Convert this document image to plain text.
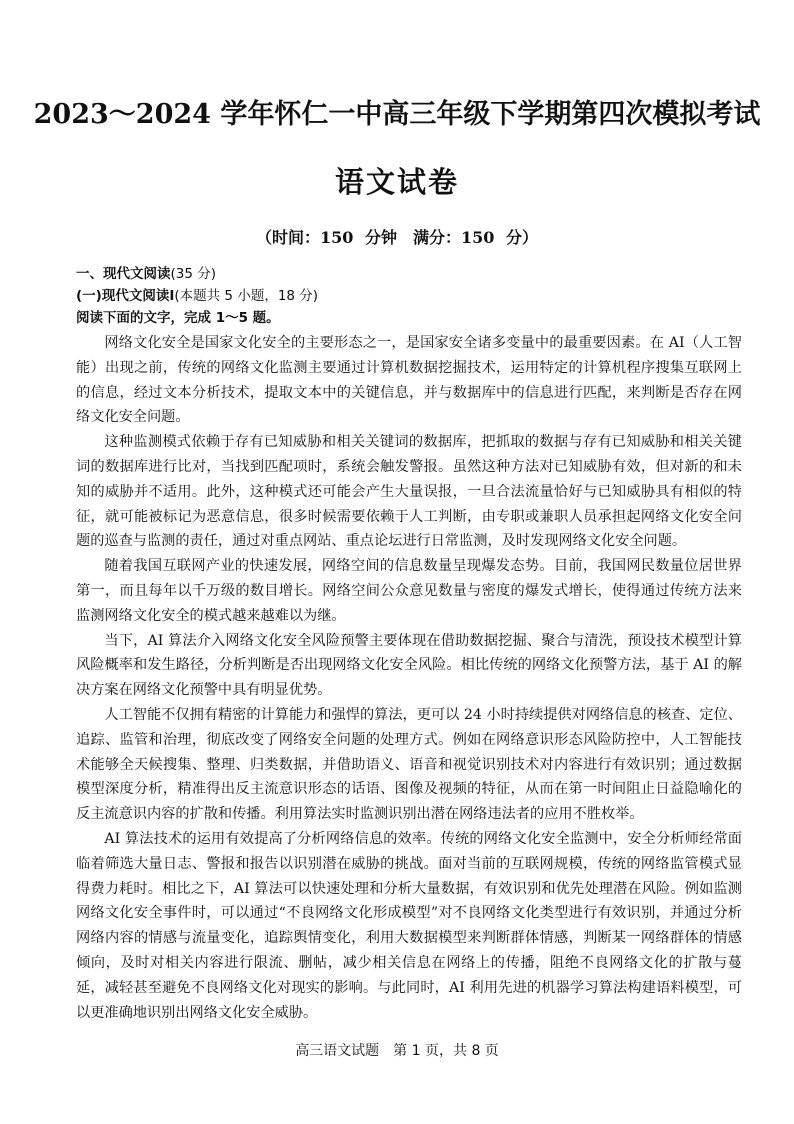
2023～2024 学年怀仁一中高三年级下学期第四次模拟考试
语文试卷
（时间：150 分钟　满分：150 分）
一、现代文阅读(35 分)
(一)现代文阅读Ⅰ(本题共 5 小题，18 分)
阅读下面的文字，完成 1～5 题。

网络文化安全是国家文化安全的主要形态之一，是国家安全诸多变量中的最重要因素。在 AI（人工智能）出现之前，传统的网络文化监测主要通过计算机数据挖掘技术，运用特定的计算机程序搜集互联网上的信息，经过文本分析技术，提取文本中的关键信息，并与数据库中的信息进行匹配，来判断是否存在网络文化安全问题。

这种监测模式依赖于存有已知威胁和相关关键词的数据库，把抓取的数据与存有已知威胁和相关关键词的数据库进行比对，当找到匹配项时，系统会触发警报。虽然这种方法对已知威胁有效，但对新的和未知的威胁并不适用。此外，这种模式还可能会产生大量误报，一旦合法流量恰好与已知威胁具有相似的特征，就可能被标记为恶意信息，很多时候需要依赖于人工判断，由专职或兼职人员承担起网络文化安全问题的巡查与监测的责任，通过对重点网站、重点论坛进行日常监测，及时发现网络文化安全问题。

随着我国互联网产业的快速发展，网络空间的信息数量呈现爆发态势。目前，我国网民数量位居世界第一，而且每年以千万级的数目增长。网络空间公众意见数量与密度的爆发式增长，使得通过传统方法来监测网络文化安全的模式越来越难以为继。

当下，AI 算法介入网络文化安全风险预警主要体现在借助数据挖掘、聚合与清洗，预设技术模型计算风险概率和发生路径，分析判断是否出现网络文化安全风险。相比传统的网络文化预警方法，基于 AI 的解决方案在网络文化预警中具有明显优势。

人工智能不仅拥有精密的计算能力和强悍的算法，更可以 24 小时持续提供对网络信息的核查、定位、追踪、监管和治理，彻底改变了网络安全问题的处理方式。例如在网络意识形态风险防控中，人工智能技术能够全天候搜集、整理、归类数据，并借助语义、语音和视觉识别技术对内容进行有效识别；通过数据模型深度分析，精准得出反主流意识形态的话语、图像及视频的特征，从而在第一时间阻止日益隐喻化的反主流意识内容的扩散和传播。利用算法实时监测识别出潜在网络违法者的应用不胜枚举。

AI 算法技术的运用有效提高了分析网络信息的效率。传统的网络文化安全监测中，安全分析师经常面临着筛选大量日志、警报和报告以识别潜在威胁的挑战。面对当前的互联网规模，传统的网络监管模式显得费力耗时。相比之下，AI 算法可以快速处理和分析大量数据，有效识别和优先处理潜在风险。例如监测网络文化安全事件时，可以通过“不良网络文化形成模型”对不良网络文化类型进行有效识别，并通过分析网络内容的情感与流量变化，追踪舆情变化，利用大数据模型来判断群体情感，判断某一网络群体的情感倾向，及时对相关内容进行限流、删帖，减少相关信息在网络上的传播，阻绝不良网络文化的扩散与蔓延，减轻甚至避免不良网络文化对现实的影响。与此同时，AI 利用先进的机器学习算法构建语料模型，可以更准确地识别出网络文化安全威胁。

高三语文试题　第 1 页，共 8 页
